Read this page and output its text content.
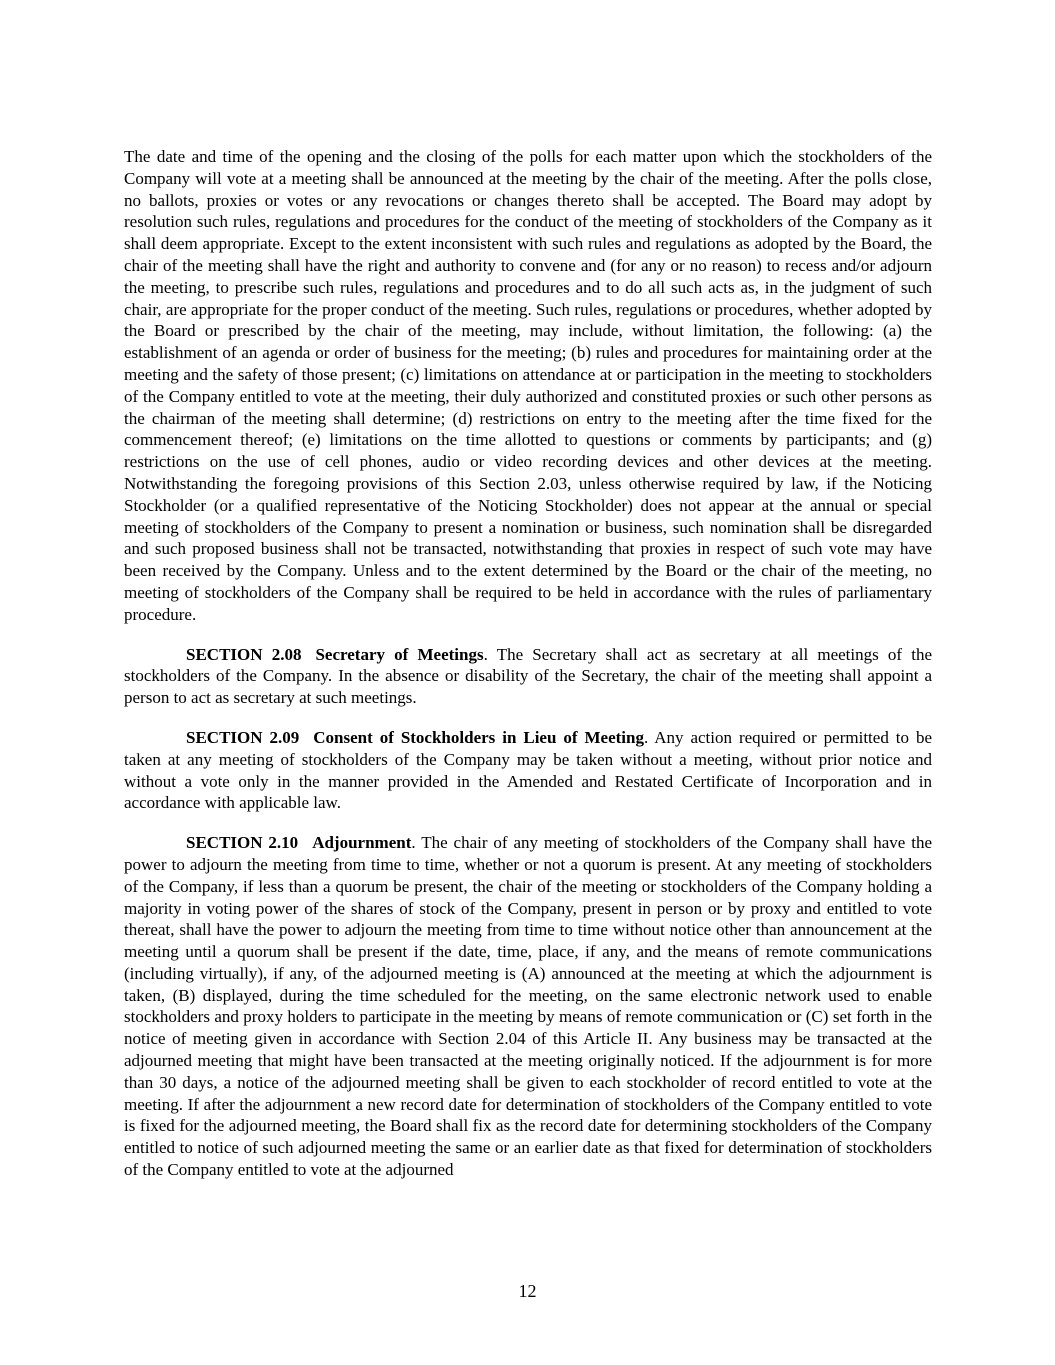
The date and time of the opening and the closing of the polls for each matter upon which the stockholders of the Company will vote at a meeting shall be announced at the meeting by the chair of the meeting. After the polls close, no ballots, proxies or votes or any revocations or changes thereto shall be accepted. The Board may adopt by resolution such rules, regulations and procedures for the conduct of the meeting of stockholders of the Company as it shall deem appropriate. Except to the extent inconsistent with such rules and regulations as adopted by the Board, the chair of the meeting shall have the right and authority to convene and (for any or no reason) to recess and/or adjourn the meeting, to prescribe such rules, regulations and procedures and to do all such acts as, in the judgment of such chair, are appropriate for the proper conduct of the meeting. Such rules, regulations or procedures, whether adopted by the Board or prescribed by the chair of the meeting, may include, without limitation, the following: (a) the establishment of an agenda or order of business for the meeting; (b) rules and procedures for maintaining order at the meeting and the safety of those present; (c) limitations on attendance at or participation in the meeting to stockholders of the Company entitled to vote at the meeting, their duly authorized and constituted proxies or such other persons as the chairman of the meeting shall determine; (d) restrictions on entry to the meeting after the time fixed for the commencement thereof; (e) limitations on the time allotted to questions or comments by participants; and (g) restrictions on the use of cell phones, audio or video recording devices and other devices at the meeting. Notwithstanding the foregoing provisions of this Section 2.03, unless otherwise required by law, if the Noticing Stockholder (or a qualified representative of the Noticing Stockholder) does not appear at the annual or special meeting of stockholders of the Company to present a nomination or business, such nomination shall be disregarded and such proposed business shall not be transacted, notwithstanding that proxies in respect of such vote may have been received by the Company. Unless and to the extent determined by the Board or the chair of the meeting, no meeting of stockholders of the Company shall be required to be held in accordance with the rules of parliamentary procedure.

SECTION 2.08 Secretary of Meetings. The Secretary shall act as secretary at all meetings of the stockholders of the Company. In the absence or disability of the Secretary, the chair of the meeting shall appoint a person to act as secretary at such meetings.

SECTION 2.09 Consent of Stockholders in Lieu of Meeting. Any action required or permitted to be taken at any meeting of stockholders of the Company may be taken without a meeting, without prior notice and without a vote only in the manner provided in the Amended and Restated Certificate of Incorporation and in accordance with applicable law.

SECTION 2.10 Adjournment. The chair of any meeting of stockholders of the Company shall have the power to adjourn the meeting from time to time, whether or not a quorum is present. At any meeting of stockholders of the Company, if less than a quorum be present, the chair of the meeting or stockholders of the Company holding a majority in voting power of the shares of stock of the Company, present in person or by proxy and entitled to vote thereat, shall have the power to adjourn the meeting from time to time without notice other than announcement at the meeting until a quorum shall be present if the date, time, place, if any, and the means of remote communications (including virtually), if any, of the adjourned meeting is (A) announced at the meeting at which the adjournment is taken, (B) displayed, during the time scheduled for the meeting, on the same electronic network used to enable stockholders and proxy holders to participate in the meeting by means of remote communication or (C) set forth in the notice of meeting given in accordance with Section 2.04 of this Article II. Any business may be transacted at the adjourned meeting that might have been transacted at the meeting originally noticed. If the adjournment is for more than 30 days, a notice of the adjourned meeting shall be given to each stockholder of record entitled to vote at the meeting. If after the adjournment a new record date for determination of stockholders of the Company entitled to vote is fixed for the adjourned meeting, the Board shall fix as the record date for determining stockholders of the Company entitled to notice of such adjourned meeting the same or an earlier date as that fixed for determination of stockholders of the Company entitled to vote at the adjourned

12
